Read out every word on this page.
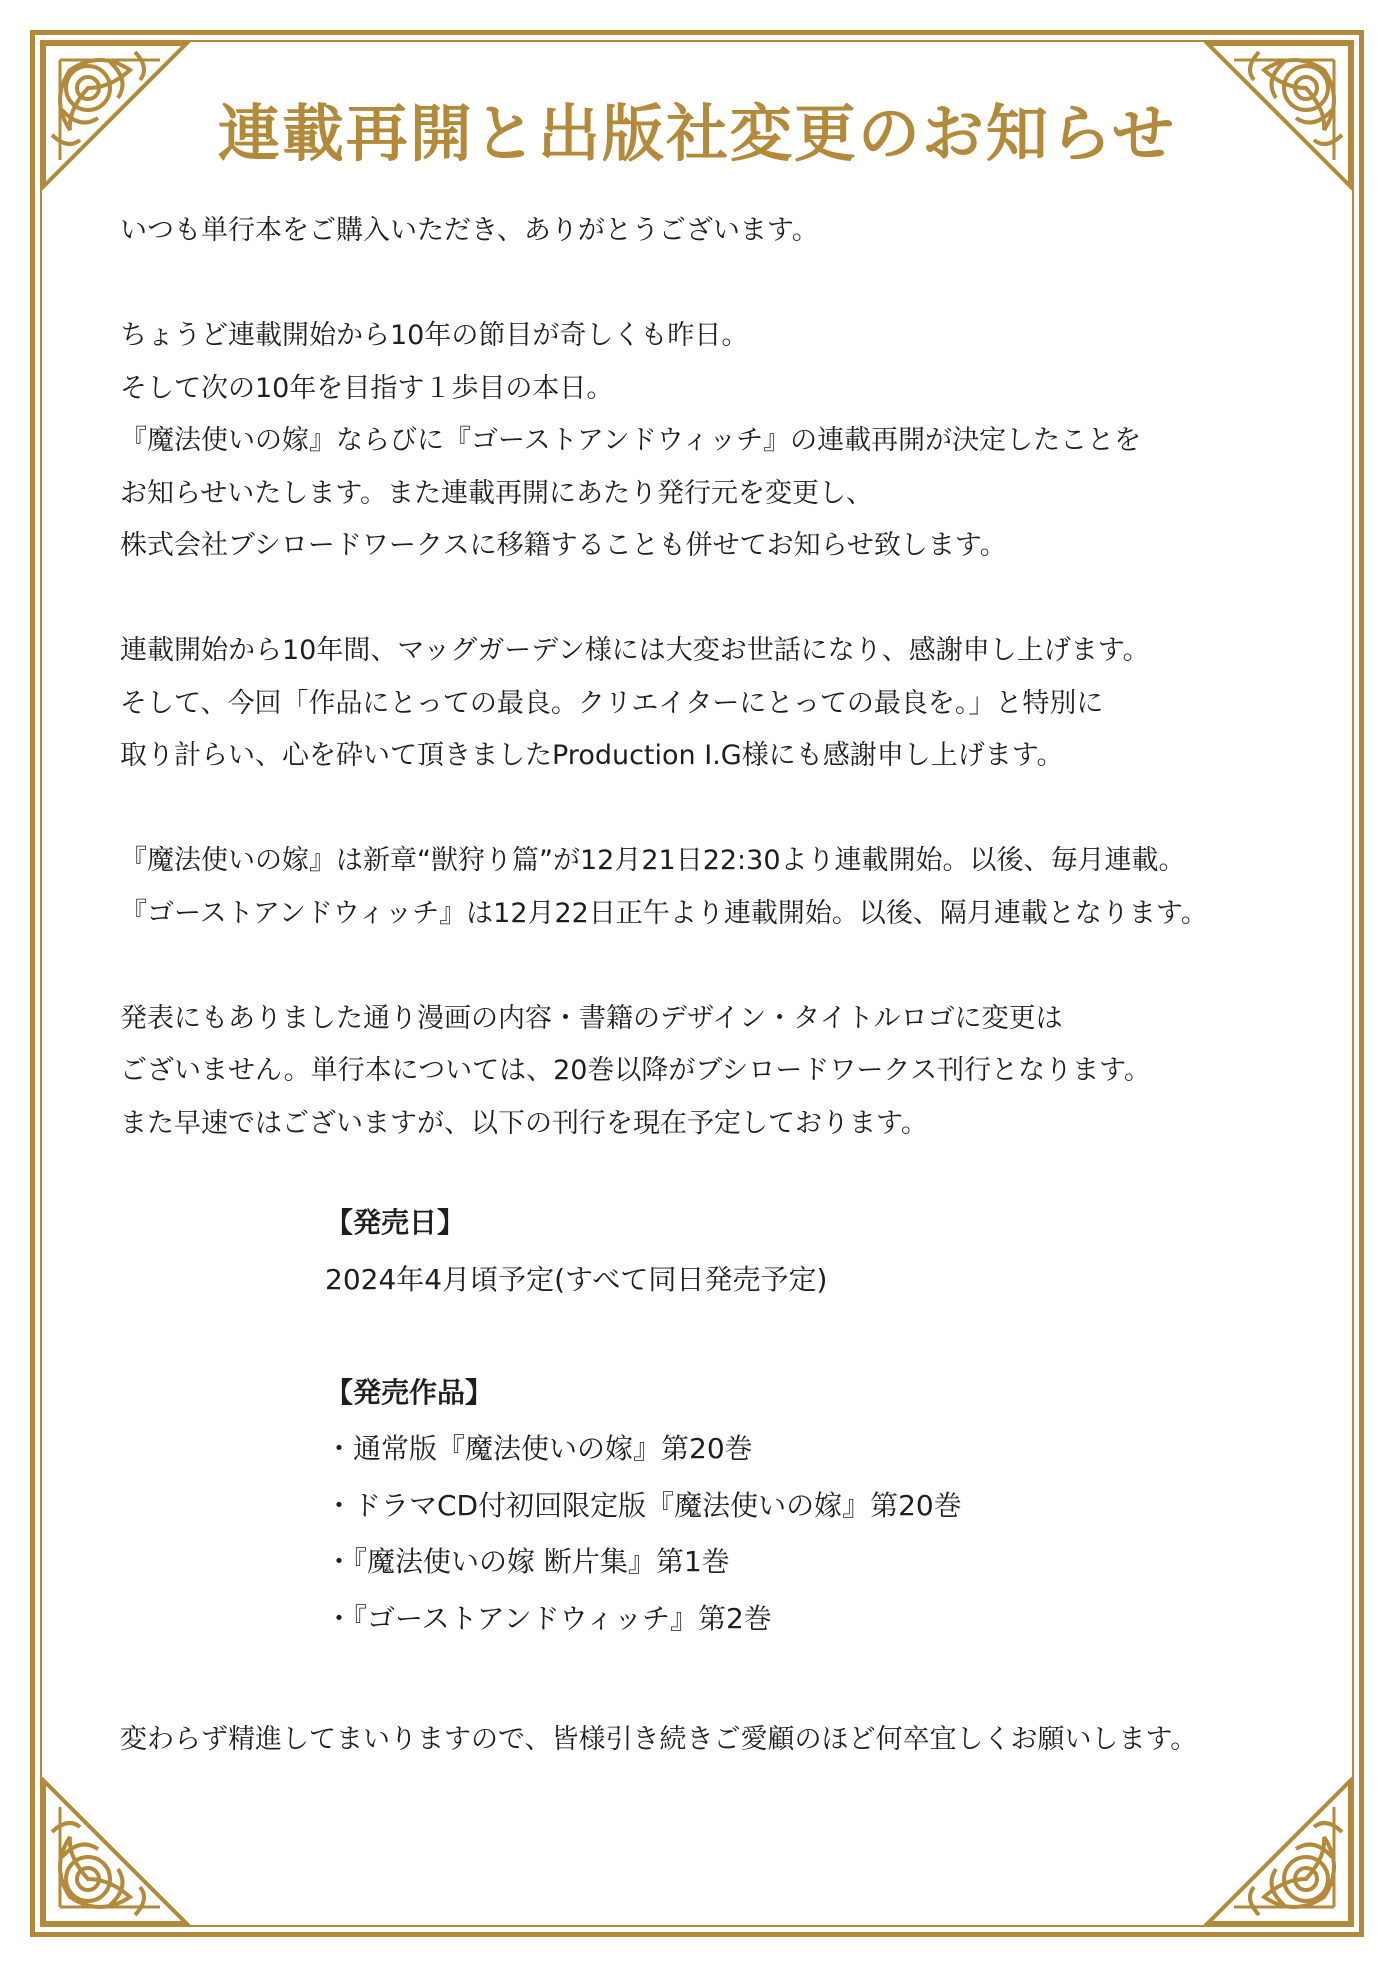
連載再開と出版社変更のお知らせ
いつも単行本をご購入いただき、ありがとうございます。
ちょうど連載開始から10年の節目が奇しくも昨日。
そして次の10年を目指す１歩目の本日。
『魔法使いの嫁』ならびに『ゴーストアンドウィッチ』の連載再開が決定したことを
お知らせいたします。また連載再開にあたり発行元を変更し、
株式会社ブシロードワークスに移籍することも併せてお知らせ致します。
連載開始から10年間、マッグガーデン様には大変お世話になり、感謝申し上げます。
そして、今回「作品にとっての最良。クリエイターにとっての最良を。」と特別に
取り計らい、心を砕いて頂きましたProduction I.G様にも感謝申し上げます。
『魔法使いの嫁』は新章“獣狩り篇”が12月21日22:30より連載開始。以後、毎月連載。
『ゴーストアンドウィッチ』は12月22日正午より連載開始。以後、隔月連載となります。
発表にもありました通り漫画の内容・書籍のデザイン・タイトルロゴに変更は
ございません。単行本については、20巻以降がブシロードワークス刊行となります。
また早速ではございますが、以下の刊行を現在予定しております。
【発売日】
2024年4月頃予定(すべて同日発売予定)
【発売作品】
・通常版『魔法使いの嫁』第20巻
・ドラマCD付初回限定版『魔法使いの嫁』第20巻
・『魔法使いの嫁 断片集』第1巻
・『ゴーストアンドウィッチ』第2巻
変わらず精進してまいりますので、皆様引き続きご愛顧のほど何卒宜しくお願いします。
